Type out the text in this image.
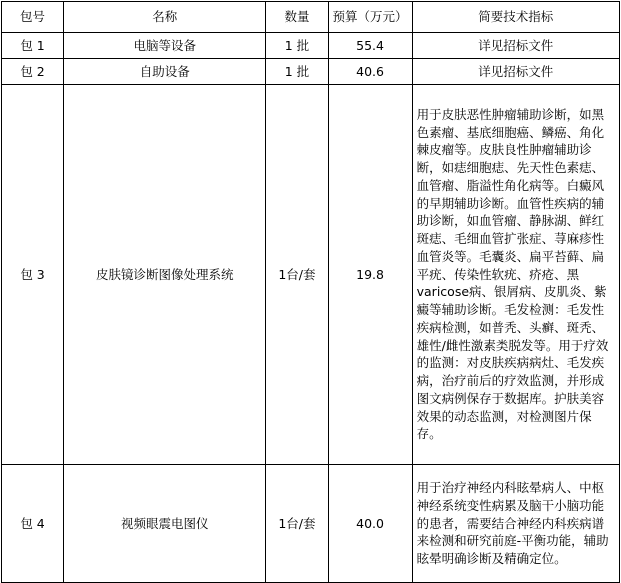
包号	名称	数量	预算（万元）	简要技术指标
包 1	电脑等设备	1 批	55.4	详见招标文件
包 2	自助设备	1 批	40.6	详见招标文件
包 3	皮肤镜诊断图像处理系统	1台/套	19.8	用于皮肤恶性肿瘤辅助诊断，如黑色素瘤、基底细胞癌、鳞癌、角化棘皮瘤等。皮肤良性肿瘤辅助诊断，如痣细胞痣、先天性色素痣、血管瘤、脂溢性角化病等。白癜风的早期辅助诊断。血管性疾病的辅助诊断，如血管瘤、静脉湖、鲜红斑痣、毛细血管扩张症、荨麻疹性血管炎等。毛囊炎、扁平苔藓、扁平疣、传染性软疣、疥疮、黑varicose病、银屑病、皮肌炎、紫癜等辅助诊断。毛发检测：毛发性疾病检测，如普秃、头癣、斑秃、雄性/雌性激素类脱发等。用于疗效的监测：对皮肤疾病病灶、毛发疾病，治疗前后的疗效监测，并形成图文病例保存于数据库。护肤美容效果的动态监测，对检测图片保存。
包 4	视频眼震电图仪	1台/套	40.0	用于治疗神经内科眩晕病人、中枢神经系统变性病累及脑干小脑功能的患者，需要结合神经内科疾病谱来检测和研究前庭-平衡功能，辅助眩晕明确诊断及精确定位。
